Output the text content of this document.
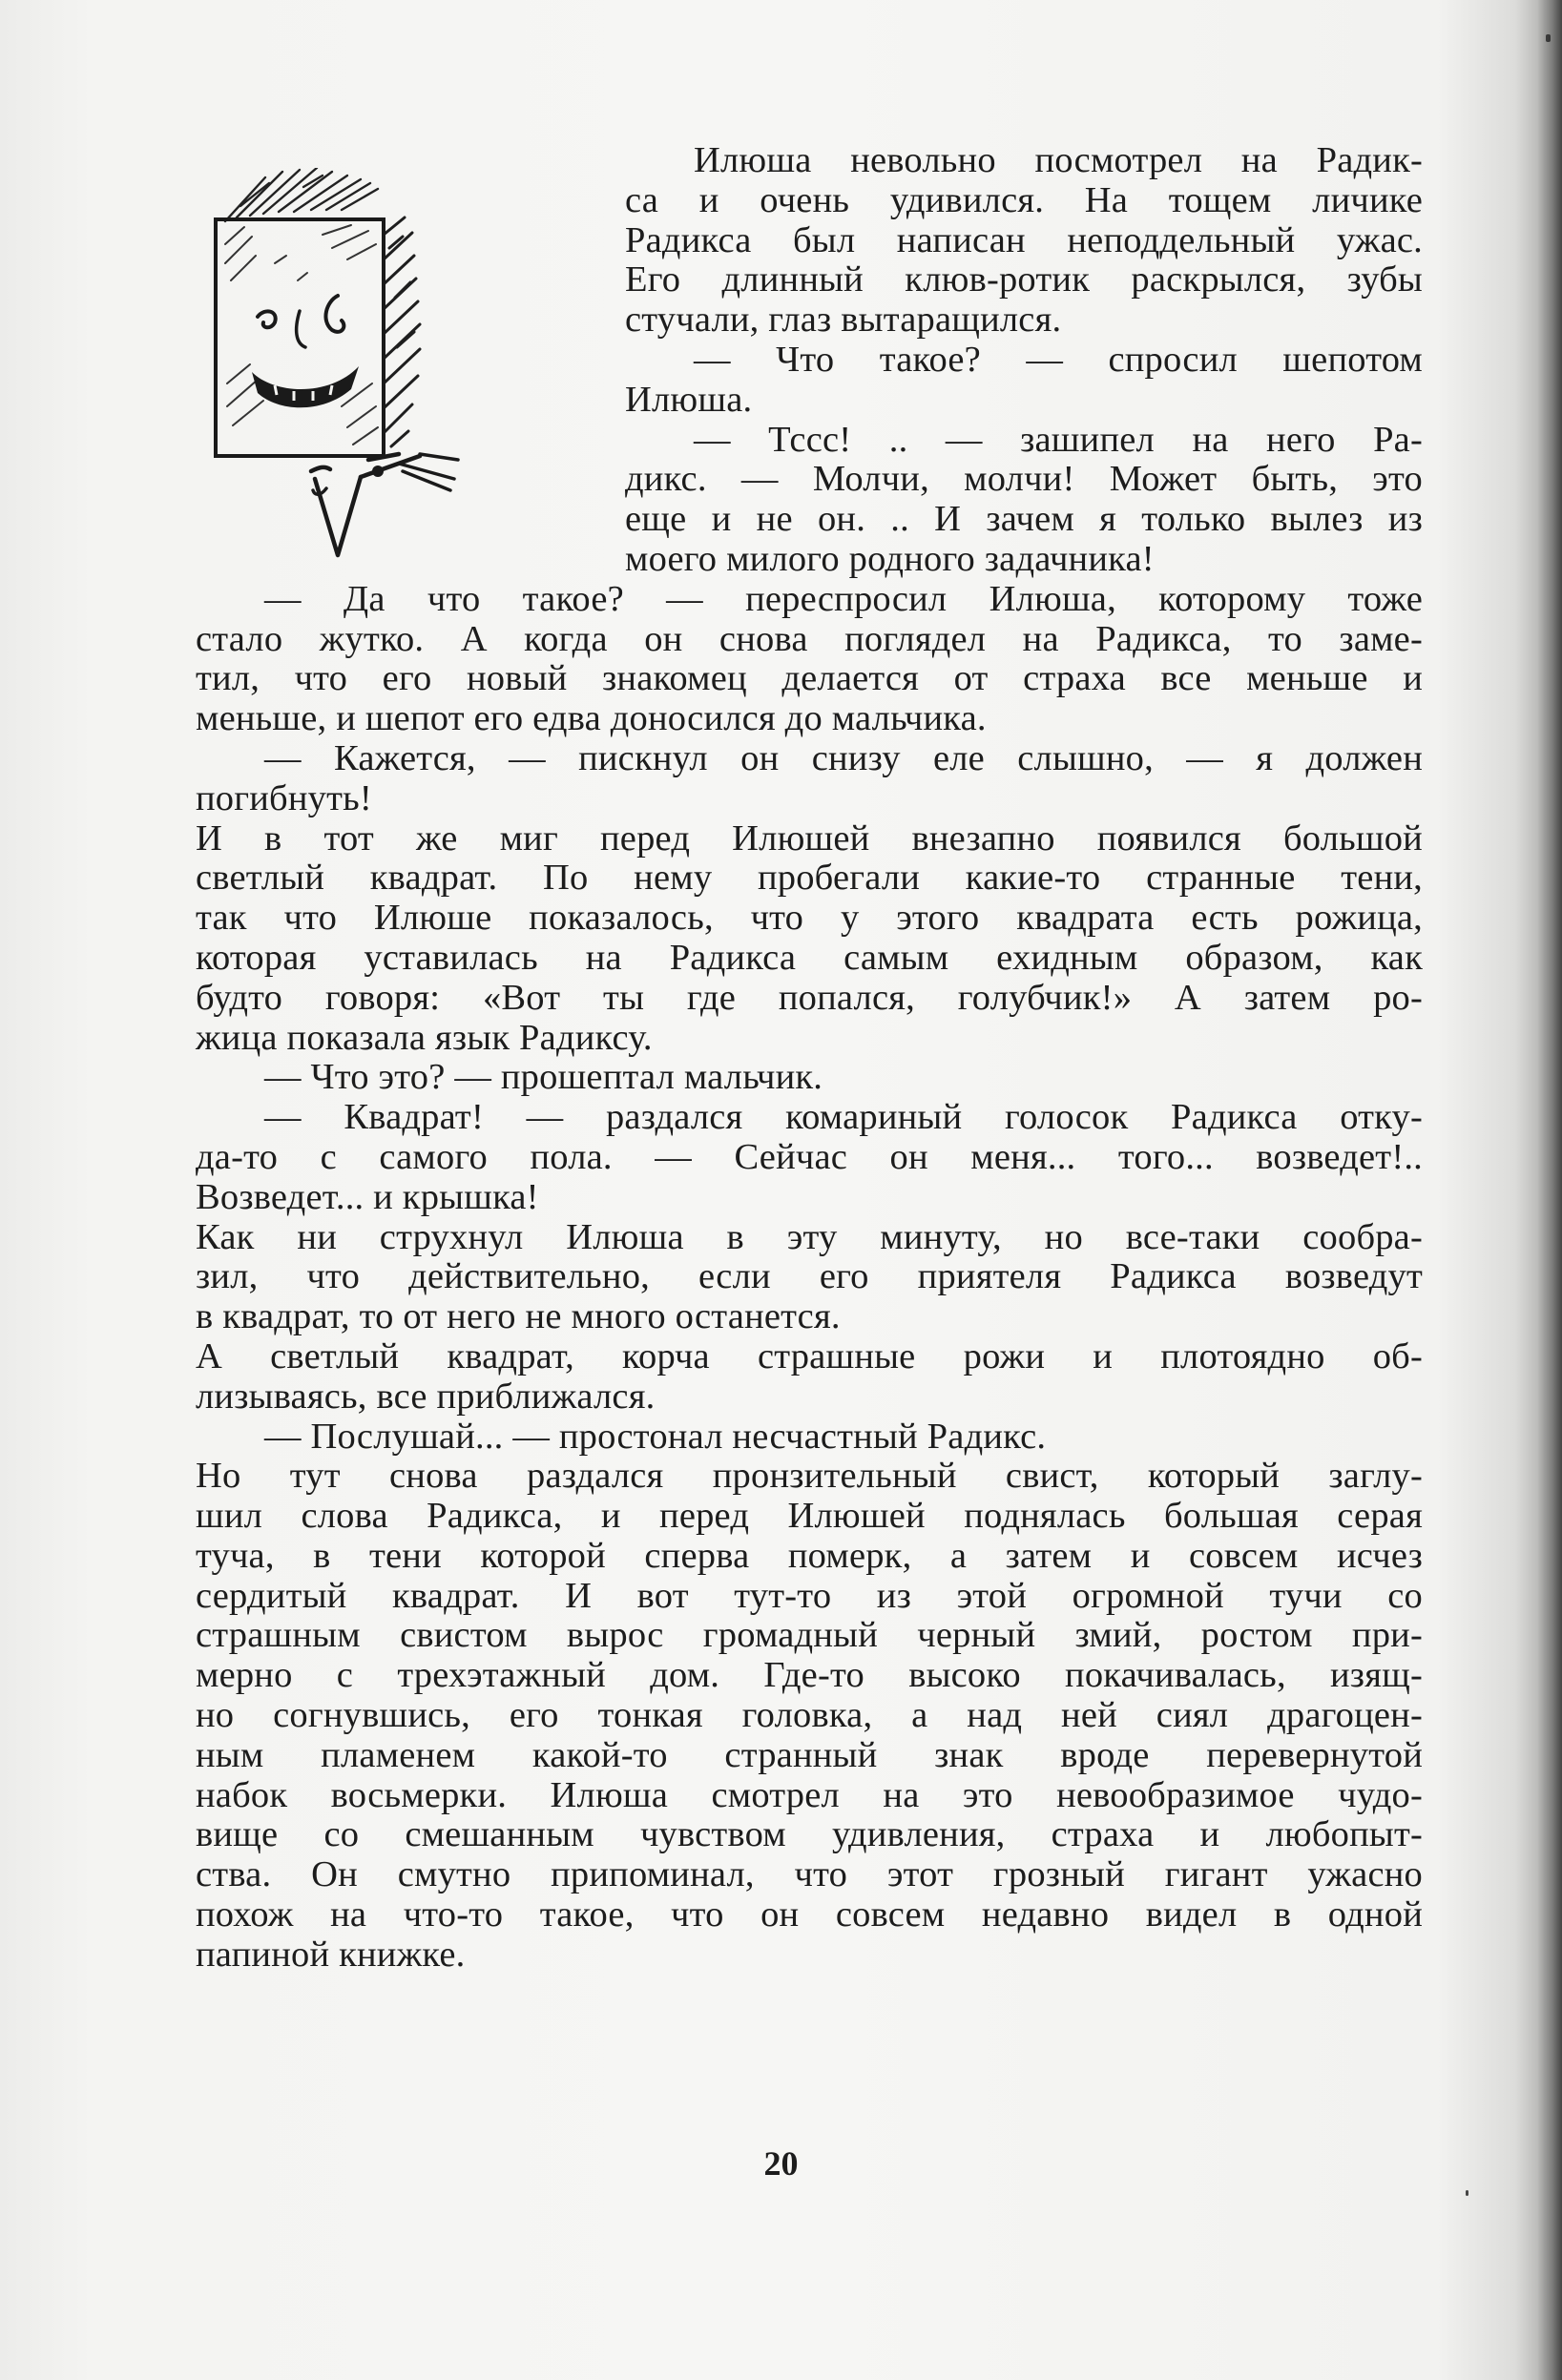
Илюша невольно посмотрел на Радик-
са и очень удивился. На тощем личике
Радикса был написан неподдельный ужас.
Его длинный клюв-ротик раскрылся, зубы
стучали, глаз вытаращился.
— Что такое? — спросил шепотом
Илюша.
— Тссс! .. — зашипел на него Ра-
дикс. — Молчи, молчи! Может быть, это
еще и не он. .. И зачем я только вылез из
моего милого родного задачника!
— Да что такое? — переспросил Илюша, которому тоже
стало жутко. А когда он снова поглядел на Радикса, то заме-
тил, что его новый знакомец делается от страха все меньше и
меньше, и шепот его едва доносился до мальчика.
— Кажется, — пискнул он снизу еле слышно, — я должен
погибнуть!
И в тот же миг перед Илюшей внезапно появился большой
светлый квадрат. По нему пробегали какие-то странные тени,
так что Илюше показалось, что у этого квадрата есть рожица,
которая уставилась на Радикса самым ехидным образом, как
будто говоря: «Вот ты где попался, голубчик!» А затем ро-
жица показала язык Радиксу.
— Что это? — прошептал мальчик.
— Квадрат! — раздался комариный голосок Радикса отку-
да-то с самого пола. — Сейчас он меня... того... возведет!..
Возведет... и крышка!
Как ни струхнул Илюша в эту минуту, но все-таки сообра-
зил, что действительно, если его приятеля Радикса возведут
в квадрат, то от него не много останется.
А светлый квадрат, корча страшные рожи и плотоядно об-
лизываясь, все приближался.
— Послушай... — простонал несчастный Радикс.
Но тут снова раздался пронзительный свист, который заглу-
шил слова Радикса, и перед Илюшей поднялась большая серая
туча, в тени которой сперва померк, а затем и совсем исчез
сердитый квадрат. И вот тут-то из этой огромной тучи со
страшным свистом вырос громадный черный змий, ростом при-
мерно с трехэтажный дом. Где-то высоко покачивалась, изящ-
но согнувшись, его тонкая головка, а над ней сиял драгоцен-
ным пламенем какой-то странный знак вроде перевернутой
набок восьмерки. Илюша смотрел на это невообразимое чудо-
вище со смешанным чувством удивления, страха и любопыт-
ства. Он смутно припоминал, что этот грозный гигант ужасно
похож на что-то такое, что он совсем недавно видел в одной
папиной книжке.
20
